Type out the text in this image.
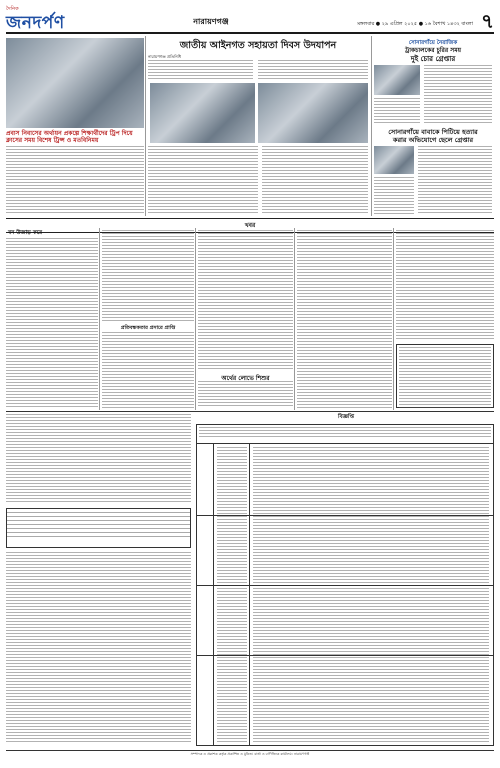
দৈনিক
জনদর্পণ	নারায়ণগঞ্জ	মঙ্গলবার ● ২৯ এপ্রিল ২০২৫ ● ১৬ বৈশাখ ১৪৩২ বাংলা ৭
প্রবাস নিবাসের অর্থায়ন প্রকল্পে শিক্ষার্থীদের ট্রিপ দিয়ে
ক্লাসের সময় বিশেষ ট্রিপ্স ও মতবিনিময়
জাতীয় আইনগত সহায়তা দিবস উদযাপন
নারায়ণগঞ্জ প্রতিনিধি
সোনারগাঁয়ে নৈরাজিক
ট্রাকচালকের চুরির সময়
দুই চোর গ্রেপ্তার
সোনারগাঁয়ে বাবাকে পিটিয়ে হত্যার
করার অভিযোগে ছেলে গ্রেপ্তার
খবর
বন উজাড় করে
প্রতিবন্ধকতার প্রসারে প্রাপ্তি
অর্থের লোভে শিশুর
বিজ্ঞপ্তি
সম্পাদক ও প্রকাশক কর্তৃক প্রকাশিত ও মুদ্রিত। বার্তা ও বাণিজ্যিক কার্যালয়: নারায়ণগঞ্জ
